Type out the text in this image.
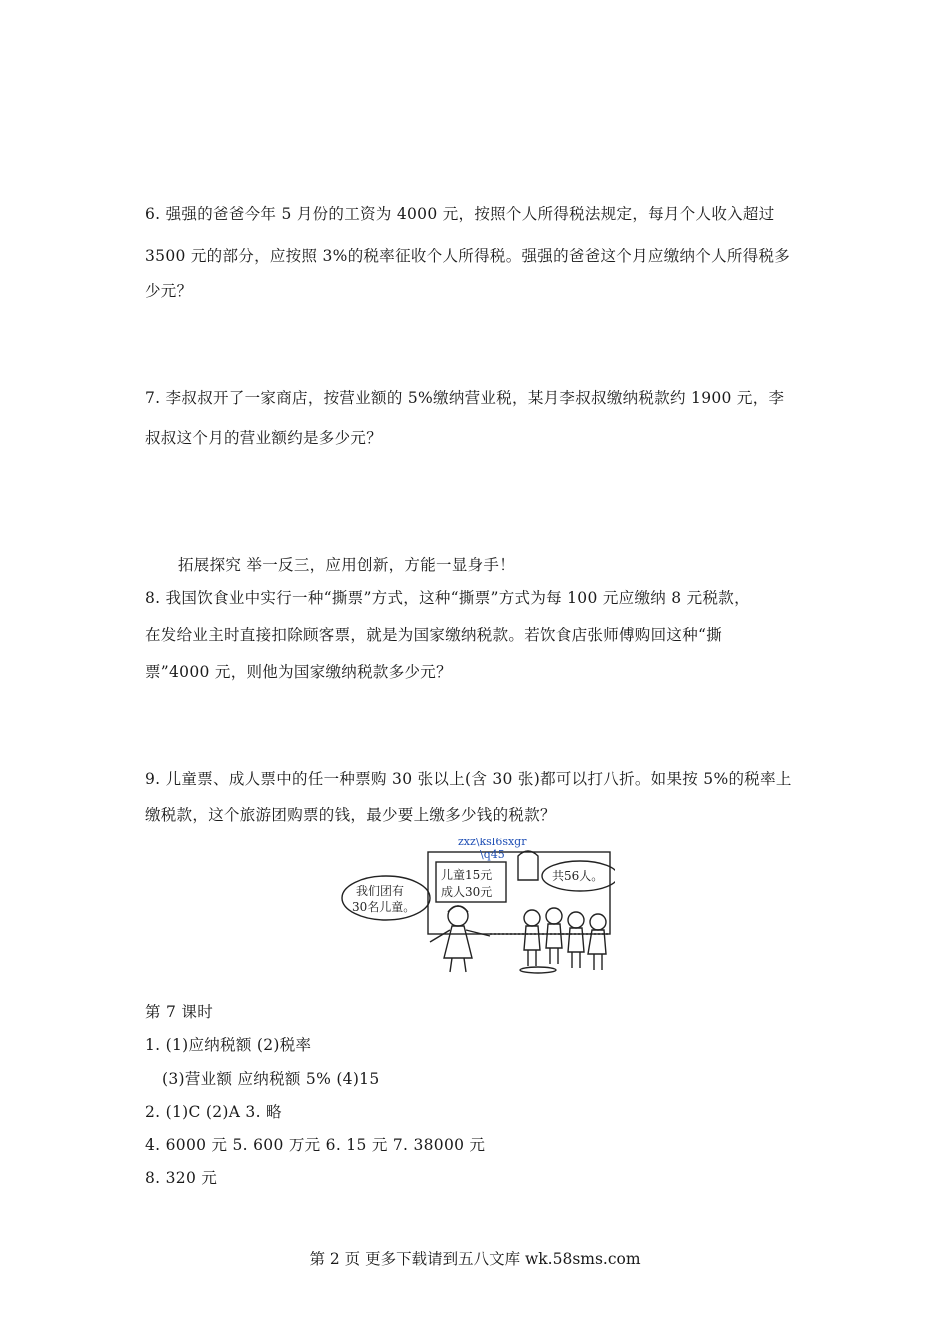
6. 强强的爸爸今年 5 月份的工资为 4000 元，按照个人所得税法规定，每月个人收入超过
3500 元的部分，应按照 3%的税率征收个人所得税。强强的爸爸这个月应缴纳个人所得税多
少元？
7. 李叔叔开了一家商店，按营业额的 5%缴纳营业税，某月李叔叔缴纳税款约 1900 元，李
叔叔这个月的营业额约是多少元？
拓展探究 举一反三，应用创新，方能一显身手！
8. 我国饮食业中实行一种“撕票”方式，这种“撕票”方式为每 100 元应缴纳 8 元税款，
在发给业主时直接扣除顾客票，就是为国家缴纳税款。若饮食店张师傅购回这种“撕
票”4000 元，则他为国家缴纳税款多少元？
9. 儿童票、成人票中的任一种票购 30 张以上(含 30 张)都可以打八折。如果按 5%的税率上
缴税款，这个旅游团购票的钱，最少要上缴多少钱的税款？
zxz\ksl6sxgr
\q45
儿童15元
成人30元
共56人。
我们团有
30名儿童。
第 7 课时
1. (1)应纳税额 (2)税率
(3)营业额 应纳税额 5% (4)15
2. (1)C (2)A 3. 略
4. 6000 元 5. 600 万元 6. 15 元 7. 38000 元
8. 320 元
第 2 页 更多下载请到五八文库 wk.58sms.com
